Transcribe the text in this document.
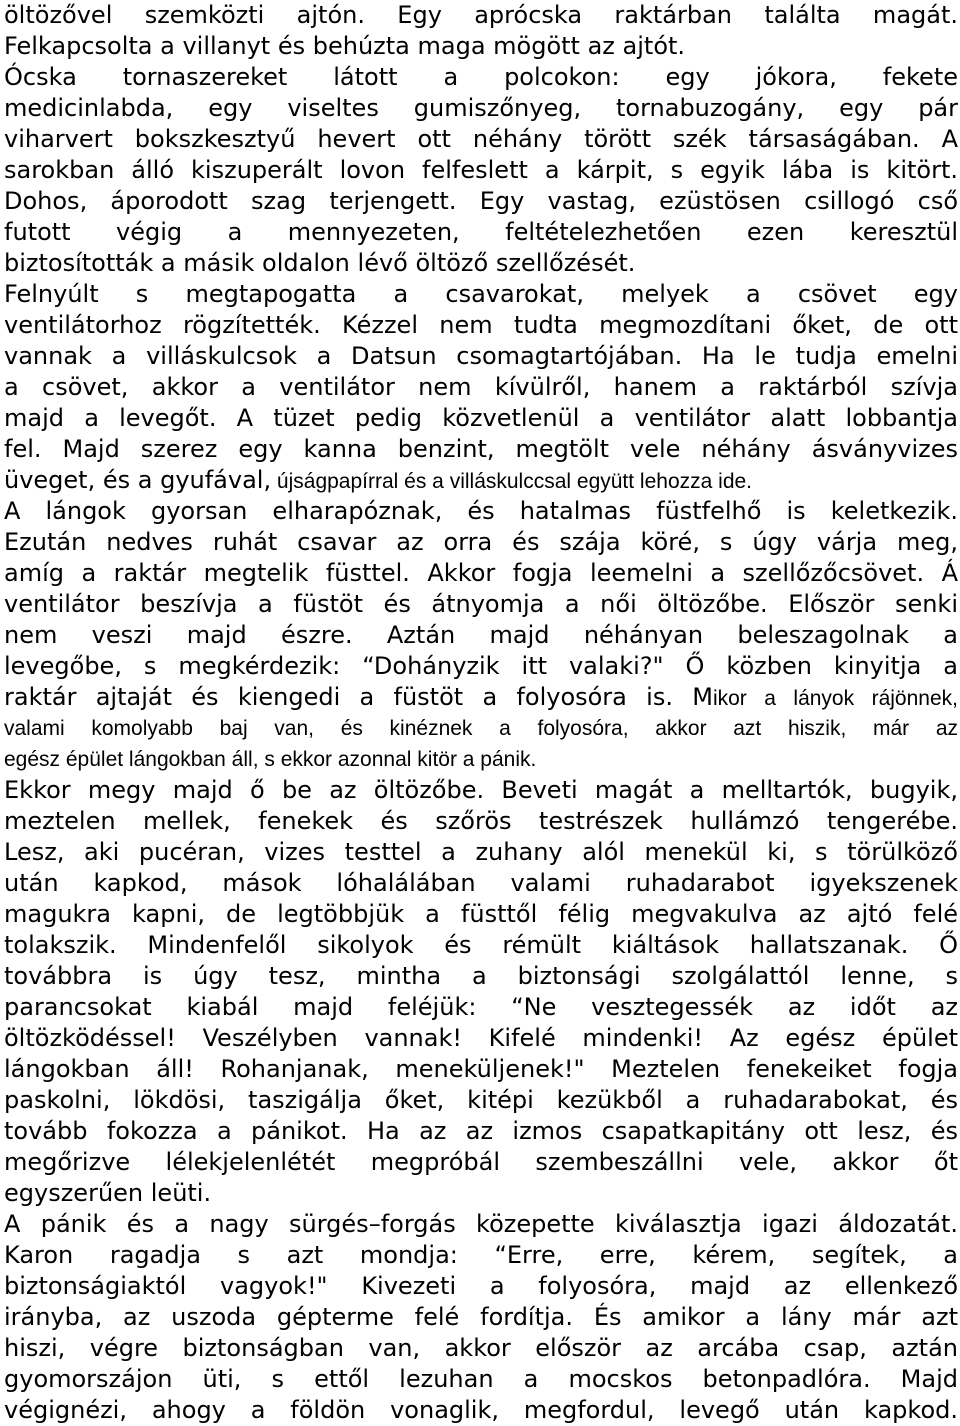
öltözővel szemközti ajtón. Egy aprócska raktárban találta magát.
Felkapcsolta a villanyt és behúzta maga mögött az ajtót.
Ócska tornaszereket látott a polcokon: egy jókora, fekete
medicinlabda, egy viseltes gumiszőnyeg, tornabuzogány, egy pár
viharvert bokszkesztyű hevert ott néhány törött szék társaságában. A
sarokban álló kiszuperált lovon felfeslett a kárpit, s egyik lába is kitört.
Dohos, áporodott szag terjengett. Egy vastag, ezüstösen csillogó cső
futott végig a mennyezeten, feltételezhetően ezen keresztül
biztosították a másik oldalon lévő öltöző szellőzését.
Felnyúlt s megtapogatta a csavarokat, melyek a csövet egy
ventilátorhoz rögzítették. Kézzel nem tudta megmozdítani őket, de ott
vannak a villáskulcsok a Datsun csomagtartójában. Ha le tudja emelni
a csövet, akkor a ventilátor nem kívülről, hanem a raktárból szívja
majd a levegőt. A tüzet pedig közvetlenül a ventilátor alatt lobbantja
fel. Majd szerez egy kanna benzint, megtölt vele néhány ásványvizes
üveget, és a gyufával, újságpapírral és a villáskulccsal együtt lehozza ide.
A lángok gyorsan elharapóznak, és hatalmas füstfelhő is keletkezik.
Ezután nedves ruhát csavar az orra és szája köré, s úgy várja meg,
amíg a raktár megtelik füsttel. Akkor fogja leemelni a szellőzőcsövet. Á
ventilátor beszívja a füstöt és átnyomja a női öltözőbe. Először senki
nem veszi majd észre. Aztán majd néhányan beleszagolnak a
levegőbe, s megkérdezik: “Dohányzik itt valaki?" Ő közben kinyitja a
raktár ajtaját és kiengedi a füstöt a folyosóra is. Mikor a lányok rájönnek,
valami komolyabb baj van, és kinéznek a folyosóra, akkor azt hiszik, már az
egész épület lángokban áll, s ekkor azonnal kitör a pánik.
Ekkor megy majd ő be az öltözőbe. Beveti magát a melltartók, bugyik,
meztelen mellek, fenekek és szőrös testrészek hullámzó tengerébe.
Lesz, aki pucéran, vizes testtel a zuhany alól menekül ki, s törülköző
után kapkod, mások lóhalálában valami ruhadarabot igyekszenek
magukra kapni, de legtöbbjük a füsttől félig megvakulva az ajtó felé
tolakszik. Mindenfelől sikolyok és rémült kiáltások hallatszanak. Ő
továbbra is úgy tesz, mintha a biztonsági szolgálattól lenne, s
parancsokat kiabál majd feléjük: “Ne vesztegessék az időt az
öltözködéssel! Veszélyben vannak! Kifelé mindenki! Az egész épület
lángokban áll! Rohanjanak, meneküljenek!" Meztelen fenekeiket fogja
paskolni, lökdösi, taszigálja őket, kitépi kezükből a ruhadarabokat, és
tovább fokozza a pánikot. Ha az az izmos csapatkapitány ott lesz, és
megőrizve lélekjelenlétét megpróbál szembeszállni vele, akkor őt
egyszerűen leüti.
A pánik és a nagy sürgés–forgás közepette kiválasztja igazi áldozatát.
Karon ragadja s azt mondja: “Erre, erre, kérem, segítek, a
biztonságiaktól vagyok!" Kivezeti a folyosóra, majd az ellenkező
irányba, az uszoda gépterme felé fordítja. És amikor a lány már azt
hiszi, végre biztonságban van, akkor először az arcába csap, aztán
gyomorszájon üti, s ettől lezuhan a mocskos betonpadlóra. Majd
végignézi, ahogy a földön vonaglik, megfordul, levegő után kapkod.
